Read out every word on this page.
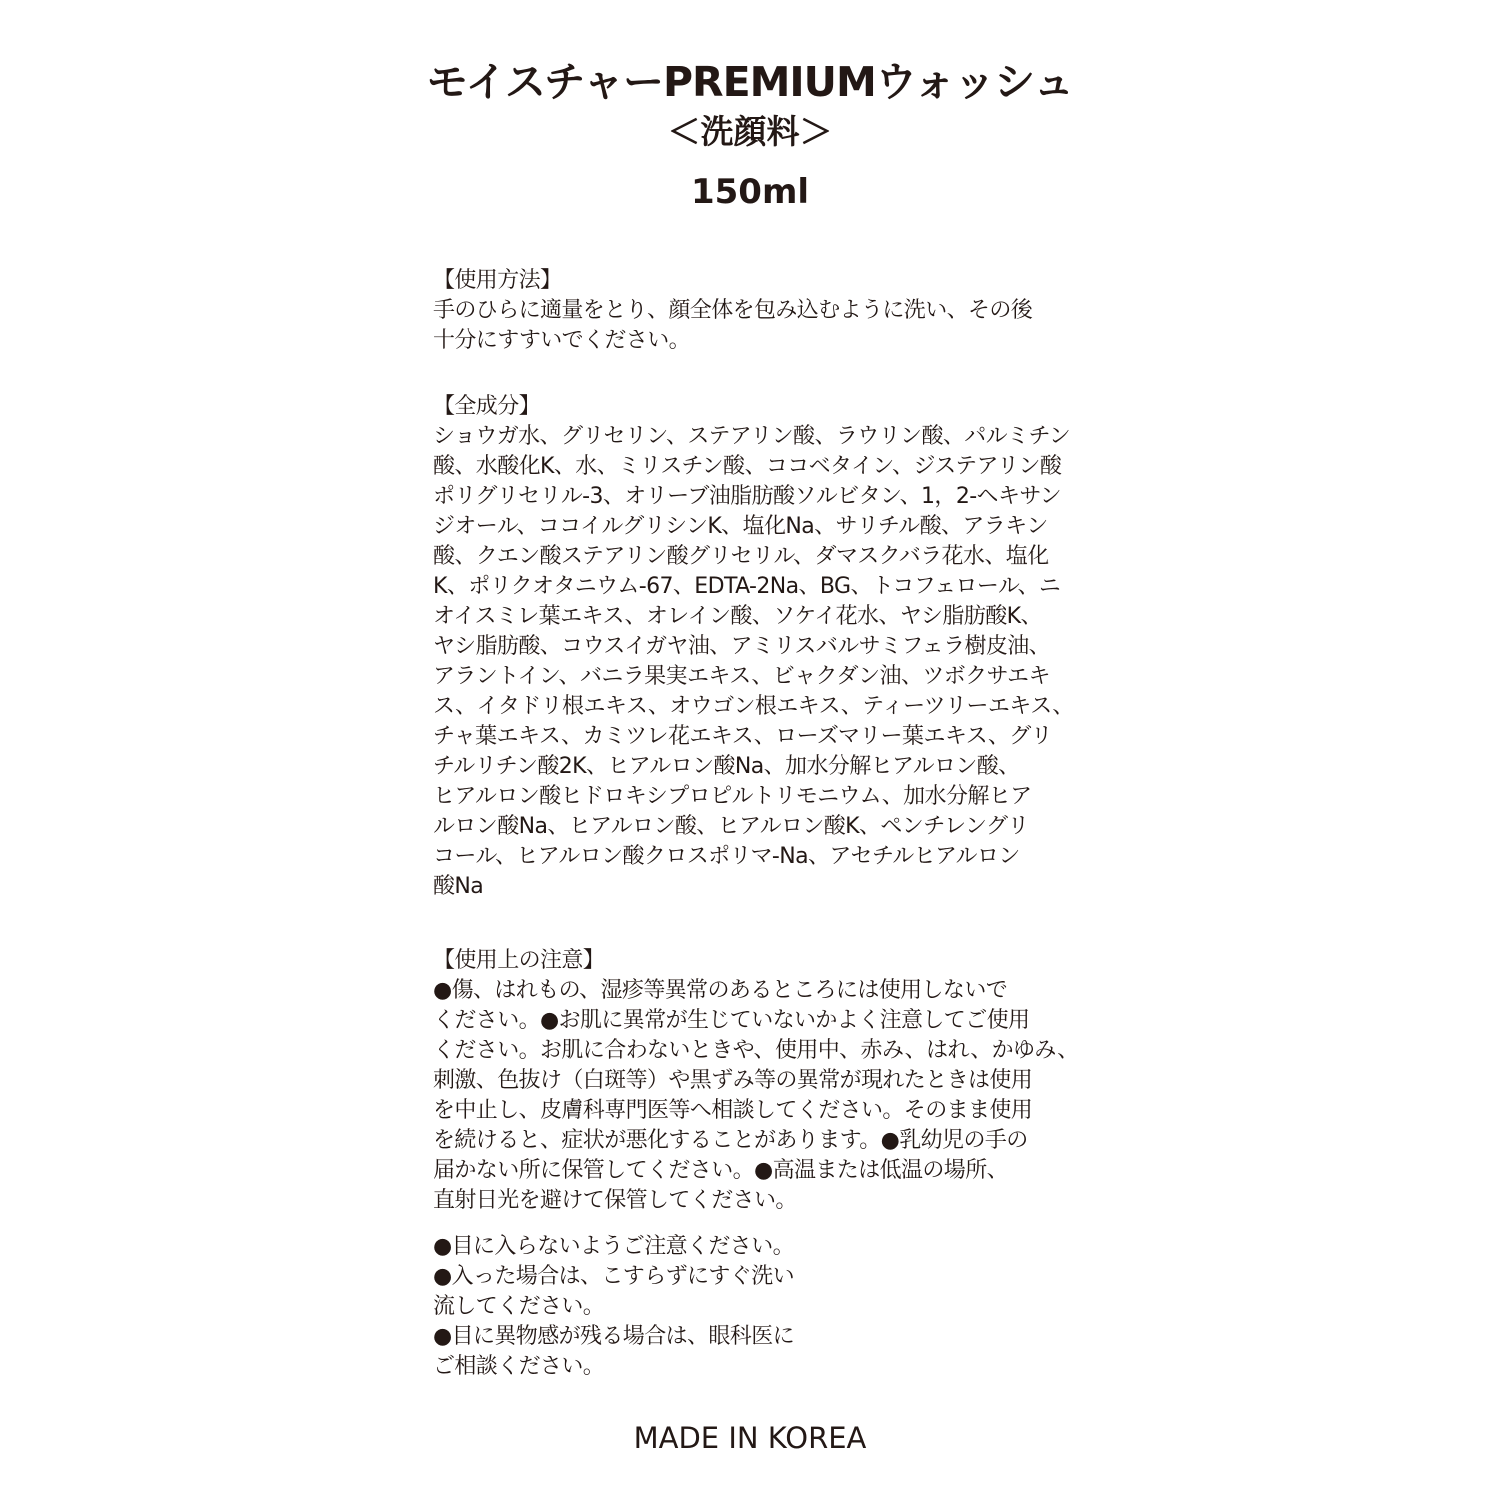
モイスチャーPREMIUMウォッシュ
＜洗顔料＞
150ml
【使用方法】
手のひらに適量をとり、顔全体を包み込むように洗い、その後
十分にすすいでください。
【全成分】
ショウガ水、グリセリン、ステアリン酸、ラウリン酸、パルミチン
酸、水酸化K、水、ミリスチン酸、ココベタイン、ジステアリン酸
ポリグリセリル-3、オリーブ油脂肪酸ソルビタン、1，2-ヘキサン
ジオール、ココイルグリシンK、塩化Na、サリチル酸、アラキン
酸、クエン酸ステアリン酸グリセリル、ダマスクバラ花水、塩化
K、ポリクオタニウム-67、EDTA-2Na、BG、トコフェロール、ニ
オイスミレ葉エキス、オレイン酸、ソケイ花水、ヤシ脂肪酸K、
ヤシ脂肪酸、コウスイガヤ油、アミリスバルサミフェラ樹皮油、
アラントイン、バニラ果実エキス、ビャクダン油、ツボクサエキ
ス、イタドリ根エキス、オウゴン根エキス、ティーツリーエキス、
チャ葉エキス、カミツレ花エキス、ローズマリー葉エキス、グリ
チルリチン酸2K、ヒアルロン酸Na、加水分解ヒアルロン酸、
ヒアルロン酸ヒドロキシプロピルトリモニウム、加水分解ヒア
ルロン酸Na、ヒアルロン酸、ヒアルロン酸K、ペンチレングリ
コール、ヒアルロン酸クロスポリマ-Na、アセチルヒアルロン
酸Na
【使用上の注意】
●傷、はれもの、湿疹等異常のあるところには使用しないで
ください。●お肌に異常が生じていないかよく注意してご使用
ください。お肌に合わないときや、使用中、赤み、はれ、かゆみ、
刺激、色抜け（白斑等）や黒ずみ等の異常が現れたときは使用
を中止し、皮膚科専門医等へ相談してください。そのまま使用
を続けると、症状が悪化することがあります。●乳幼児の手の
届かない所に保管してください。●高温または低温の場所、
直射日光を避けて保管してください。
●目に入らないようご注意ください。
●入った場合は、こすらずにすぐ洗い
流してください。
●目に異物感が残る場合は、眼科医に
ご相談ください。
MADE IN KOREA
